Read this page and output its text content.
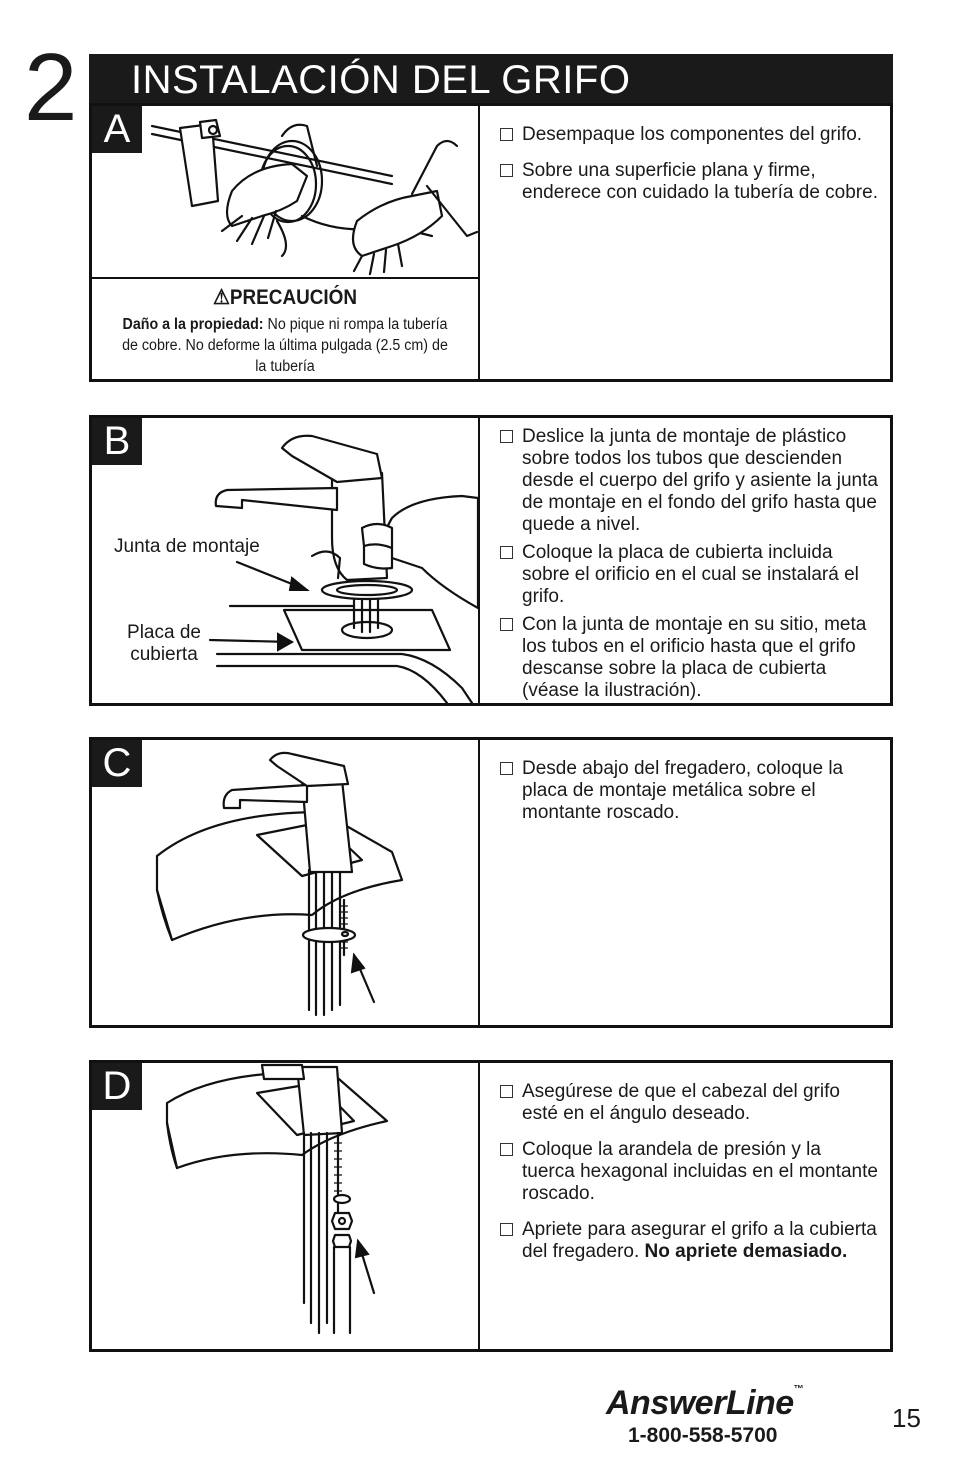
2 INSTALACIÓN DEL GRIFO
⚠PRECAUCIÓN
Daño a la propiedad: No pique ni rompa la tubería de cobre. No deforme la última pulgada (2.5 cm) de la tubería
A	Desempaque los componentes del grifo.
Sobre una superficie plana y firme, enderece con cuidado la tubería de cobre.
Junta de montaje
Placa de cubierta
B	Deslice la junta de montaje de plástico sobre todos los tubos que descienden desde el cuerpo del grifo y asiente la junta de montaje en el fondo del grifo hasta que quede a nivel.
Coloque la placa de cubierta incluida sobre el orificio en el cual se instalará el grifo.
Con la junta de montaje en su sitio, meta los tubos en el orificio hasta que el grifo descanse sobre la placa de cubierta (véase la ilustración).
C	Desde abajo del fregadero, coloque la placa de montaje metálica sobre el montante roscado.
D	Asegúrese de que el cabezal del grifo esté en el ángulo deseado.
Coloque la arandela de presión y la tuerca hexagonal incluidas en el montante roscado.
Apriete para asegurar el grifo a la cubierta del fregadero. No apriete demasiado.
AnswerLine™
1-800-558-5700
15
